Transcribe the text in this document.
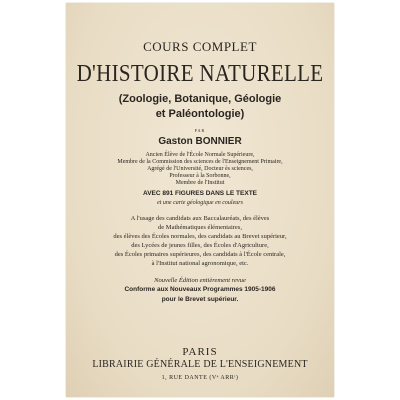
COURS COMPLET
D'HISTOIRE NATURELLE
(Zoologie, Botanique, Géologie
et Paléontologie)
PAR
Gaston BONNIER
Ancien Élève de l'École Normale Supérieure,
Membre de la Commission des sciences de l'Enseignement Primaire,
Agrégé de l'Université, Docteur ès sciences,
Professeur à la Sorbonne,
Membre de l'Institut
AVEC 891 FIGURES DANS LE TEXTE
et une carte géologique en couleurs
A l'usage des candidats aux Baccalauréats, des élèves
de Mathématiques élémentaires,
des élèves des Écoles normales, des candidats au Brevet supérieur,
des Lycées de jeunes filles, des Écoles d'Agriculture,
des Écoles primaires supérieures, des candidats à l'École centrale,
à l'Institut national agronomique, etc.
Nouvelle Édition entièrement revue
Conforme aux Nouveaux Programmes 1905-1906
pour le Brevet supérieur.
PARIS
LIBRAIRIE GÉNÉRALE DE L'ENSEIGNEMENT
1, RUE DANTE (Vᵉ ARRᵗ)
